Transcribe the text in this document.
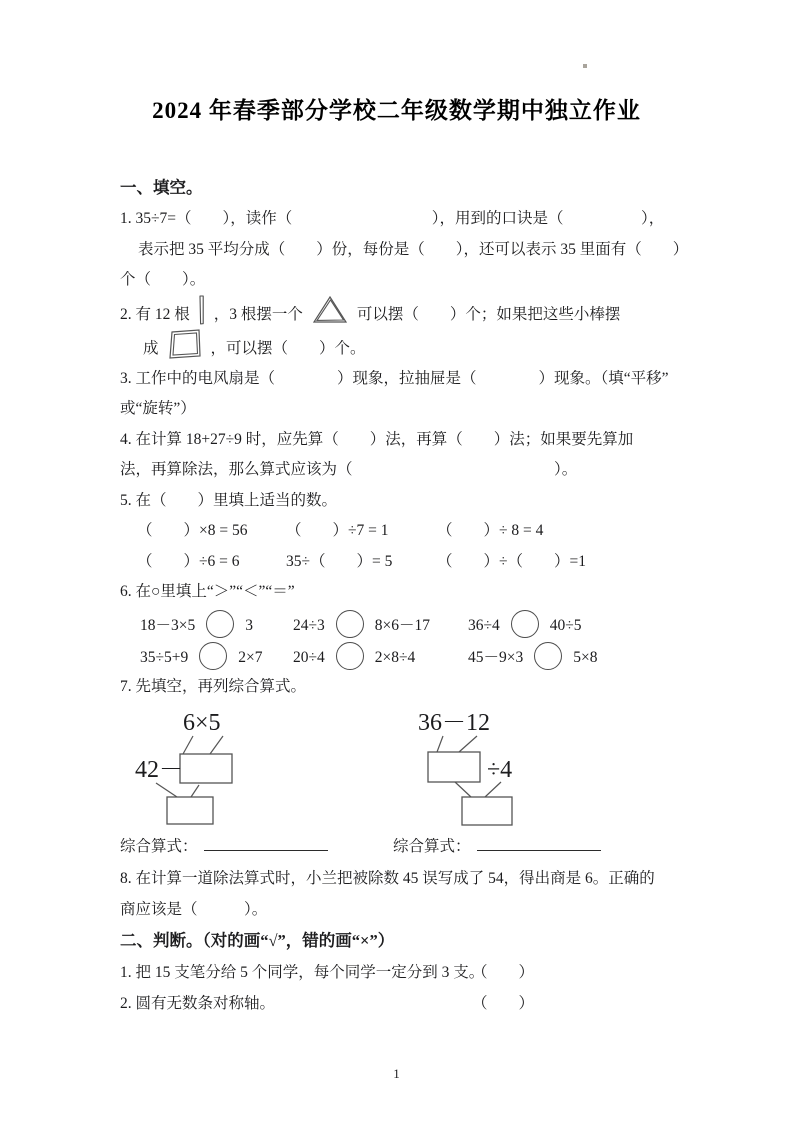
2024 年春季部分学校二年级数学期中独立作业
一、填空。
1. 35÷7=（　　），读作（　　　　　　　　　），用到的口诀是（　　　　　），
表示把 35 平均分成（　　）份，每份是（　　），还可以表示 35 里面有（　　）
个（　　）。
2. 有 12 根 ，3 根摆一个	可以摆（　　）个；如果把这些小棒摆
成	，可以摆（　　）个。
3. 工作中的电风扇是（　　　　）现象，拉抽屉是（　　　　）现象。（填“平移”
或“旋转”）
4. 在计算 18+27÷9 时，应先算（　　）法，再算（　　）法；如果要先算加
法，再算除法，那么算式应该为（　　　　　　　　　　　　　）。
5. 在（　　）里填上适当的数。
（　　）×8 = 56	（　　）÷7 = 1	（　　）÷ 8 = 4
（　　）÷6 = 6	35÷（　　）= 5	（　　）÷（　　）=1
6. 在○里填上“＞”“＜”“＝”
18－3×5	3	24÷3	8×6－17	36÷4	40÷5
35÷5+9	2×7	20÷4	2×8÷4	45－9×3	5×8
7. 先填空，再列综合算式。
6×5
42－
36－12
÷4
综合算式：	综合算式：
8. 在计算一道除法算式时，小兰把被除数 45 误写成了 54，得出商是 6。正确的
商应该是（　　　）。
二、判断。（对的画“√”，错的画“×”）
1. 把 15 支笔分给 5 个同学，每个同学一定分到 3 支。
（　　）
2. 圆有无数条对称轴。	（　　）
1
